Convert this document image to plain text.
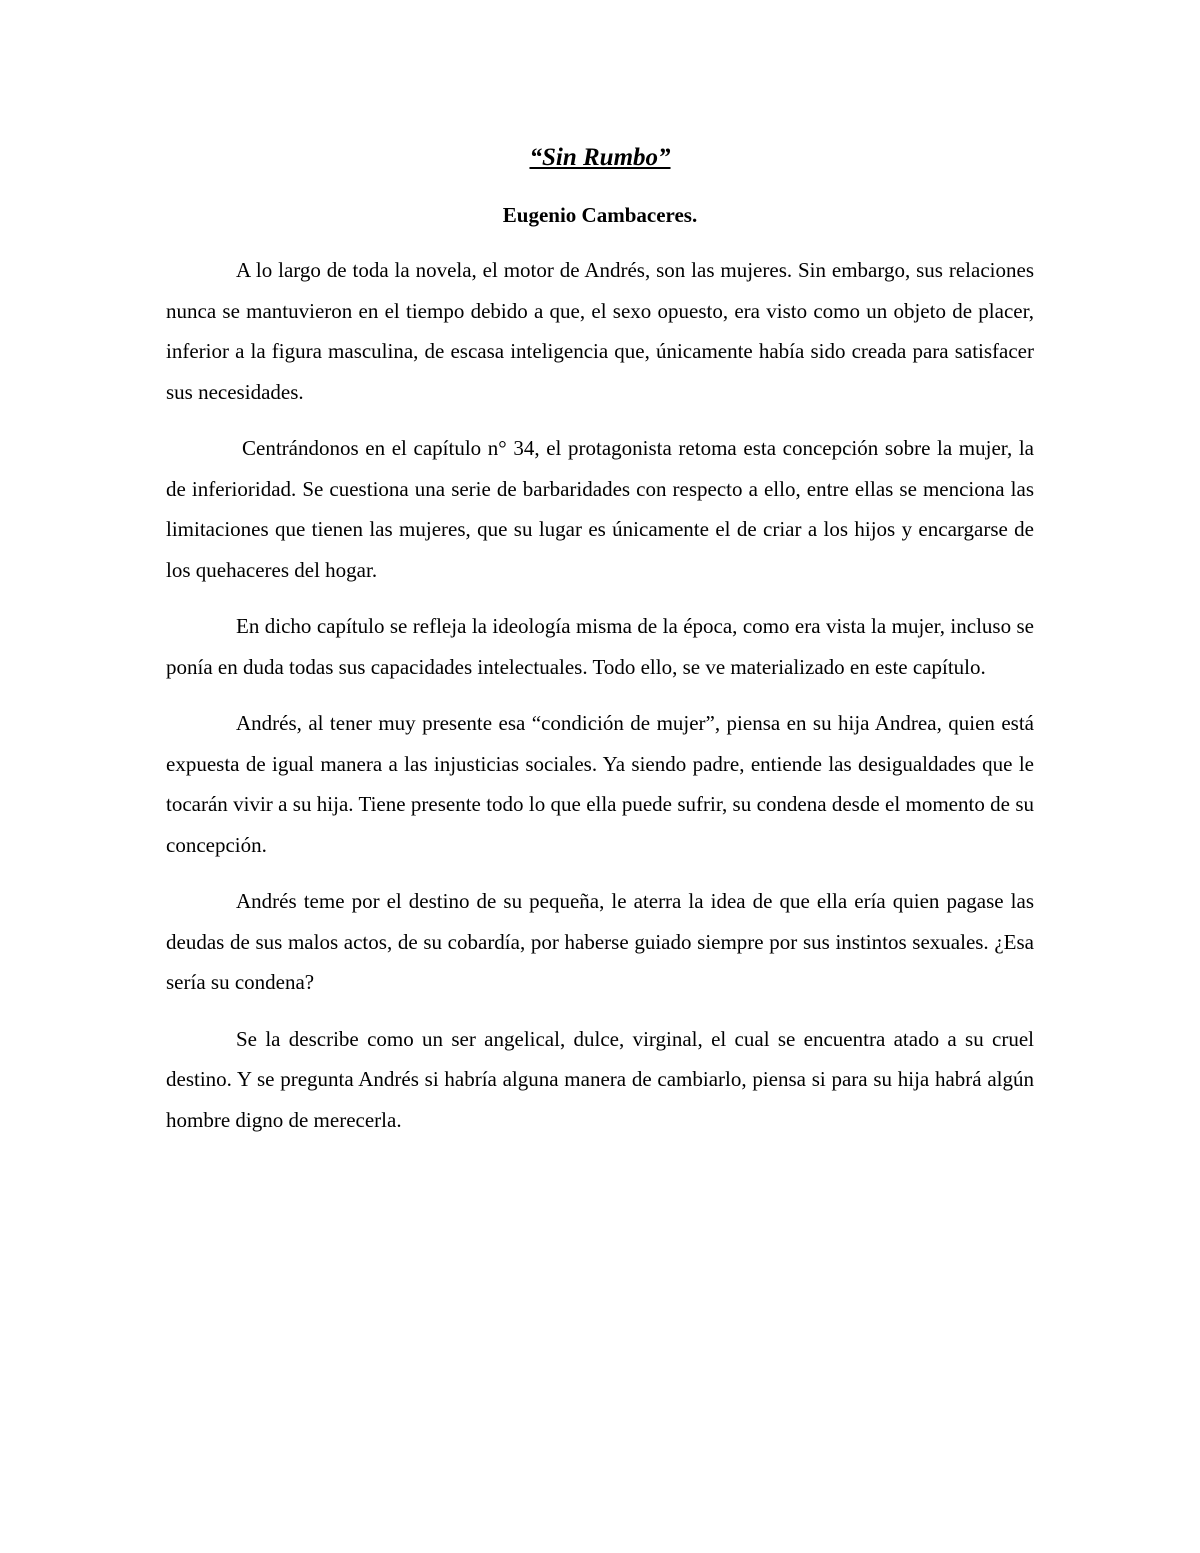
“Sin Rumbo”

Eugenio Cambaceres.

A lo largo de toda la novela, el motor de Andrés, son las mujeres. Sin embargo, sus relaciones nunca se mantuvieron en el tiempo debido a que, el sexo opuesto, era visto como un objeto de placer, inferior a la figura masculina, de escasa inteligencia que, únicamente había sido creada para satisfacer sus necesidades.

Centrándonos en el capítulo n° 34, el protagonista retoma esta concepción sobre la mujer, la de inferioridad. Se cuestiona una serie de barbaridades con respecto a ello, entre ellas se menciona las limitaciones que tienen las mujeres, que su lugar es únicamente el de criar a los hijos y encargarse de los quehaceres del hogar.

En dicho capítulo se refleja la ideología misma de la época, como era vista la mujer, incluso se ponía en duda todas sus capacidades intelectuales. Todo ello, se ve materializado en este capítulo.

Andrés, al tener muy presente esa “condición de mujer”, piensa en su hija Andrea, quien está expuesta de igual manera a las injusticias sociales. Ya siendo padre, entiende las desigualdades que le tocarán vivir a su hija. Tiene presente todo lo que ella puede sufrir, su condena desde el momento de su concepción.

Andrés teme por el destino de su pequeña, le aterra la idea de que ella ería quien pagase las deudas de sus malos actos, de su cobardía, por haberse guiado siempre por sus instintos sexuales. ¿Esa sería su condena?

Se la describe como un ser angelical, dulce, virginal, el cual se encuentra atado a su cruel destino. Y se pregunta Andrés si habría alguna manera de cambiarlo, piensa si para su hija habrá algún hombre digno de merecerla.
